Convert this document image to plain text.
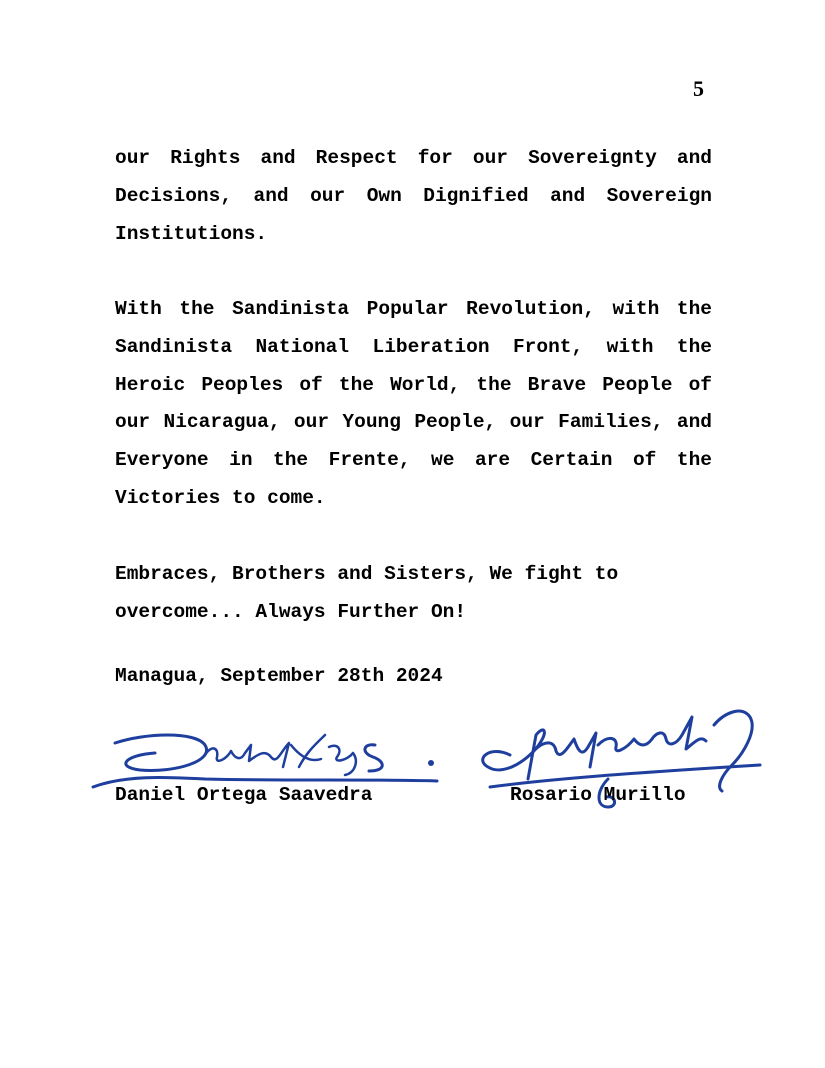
5

our Rights and Respect for our Sovereignty and Decisions, and our Own Dignified and Sovereign Institutions.

With the Sandinista Popular Revolution, with the Sandinista National Liberation Front, with the Heroic Peoples of the World, the Brave People of our Nicaragua, our Young People, our Families, and Everyone in the Frente, we are Certain of the Victories to come.

Embraces, Brothers and Sisters, We fight to overcome... Always Further On!

Managua, September 28th 2024

Daniel Ortega Saavedra	Rosario Murillo
